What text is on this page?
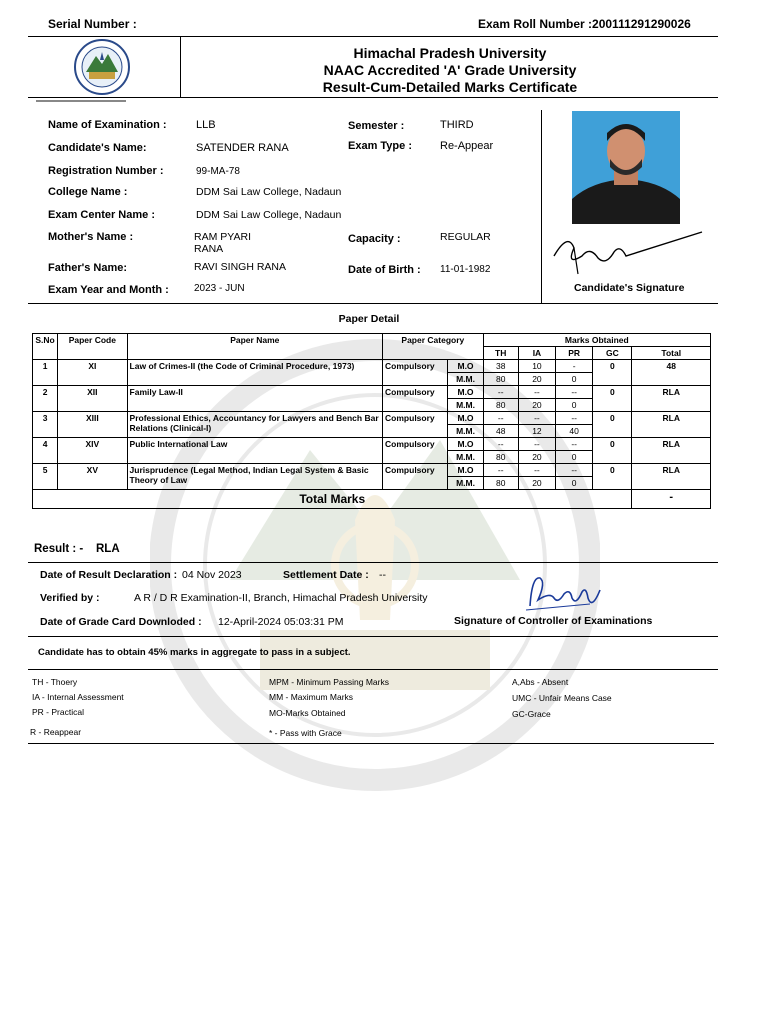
Serial Number :	Exam Roll Number :200111291290026
Himachal Pradesh University
NAAC Accredited 'A' Grade University
Result-Cum-Detailed Marks Certificate
Name of Examination :	LLB	Semester :	THIRD
Candidate's Name:	SATENDER RANA	Exam Type :	Re-Appear
Registration Number :	99-MA-78
College Name :	DDM Sai Law College, Nadaun
Exam Center Name :	DDM Sai Law College, Nadaun
Mother's Name :	RAM PYARI
RANA
Capacity :	REGULAR
Father's Name:	RAVI SINGH RANA	Date of Birth : 11-01-1982
Exam Year and Month :	2023 - JUN	Candidate's Signature
Paper Detail
S.No	Paper Code	Paper Name	Paper Category		Marks Obtained				
					TH	IA	PR	GC	Total
1	XI	Law of Crimes-II (the Code of Criminal Procedure, 1973)	Compulsory	M.O	38	10	-	0	48
				M.M.	80	20	0		
2	XII	Family Law-II	Compulsory	M.O	--	--	--	0	RLA
				M.M.	80	20	0		
3	XIII	Professional Ethics, Accountancy for Lawyers and Bench Bar Relations (Clinical-I)	Compulsory	M.O	--	--	--	0	RLA
				M.M.	48	12	40		
4	XIV	Public International Law	Compulsory	M.O	--	--	--	0	RLA
				M.M.	80	20	0		
5	XV	Jurisprudence (Legal Method, Indian Legal System & Basic Theory of Law	Compulsory	M.O	--	--	--	0	RLA
				M.M.	80	20	0		
Total Marks									-
Result : - RLA
Date of Result Declaration : 04 Nov 2023	Settlement Date : --
Verified by :	A R / D R Examination-II, Branch, Himachal Pradesh University
Date of Grade Card Downloded : 12-April-2024 05:03:31 PM	Signature of Controller of Examinations
Candidate has to obtain 45% marks in aggregate to pass in a subject.
TH - Thoery
IA - Internal Assessment
PR - Practical
R - Reappear
MPM - Minimum Passing Marks
MM - Maximum Marks
MO-Marks Obtained
* - Pass with Grace
A,Abs - Absent
UMC - Unfair Means Case
GC-Grace
